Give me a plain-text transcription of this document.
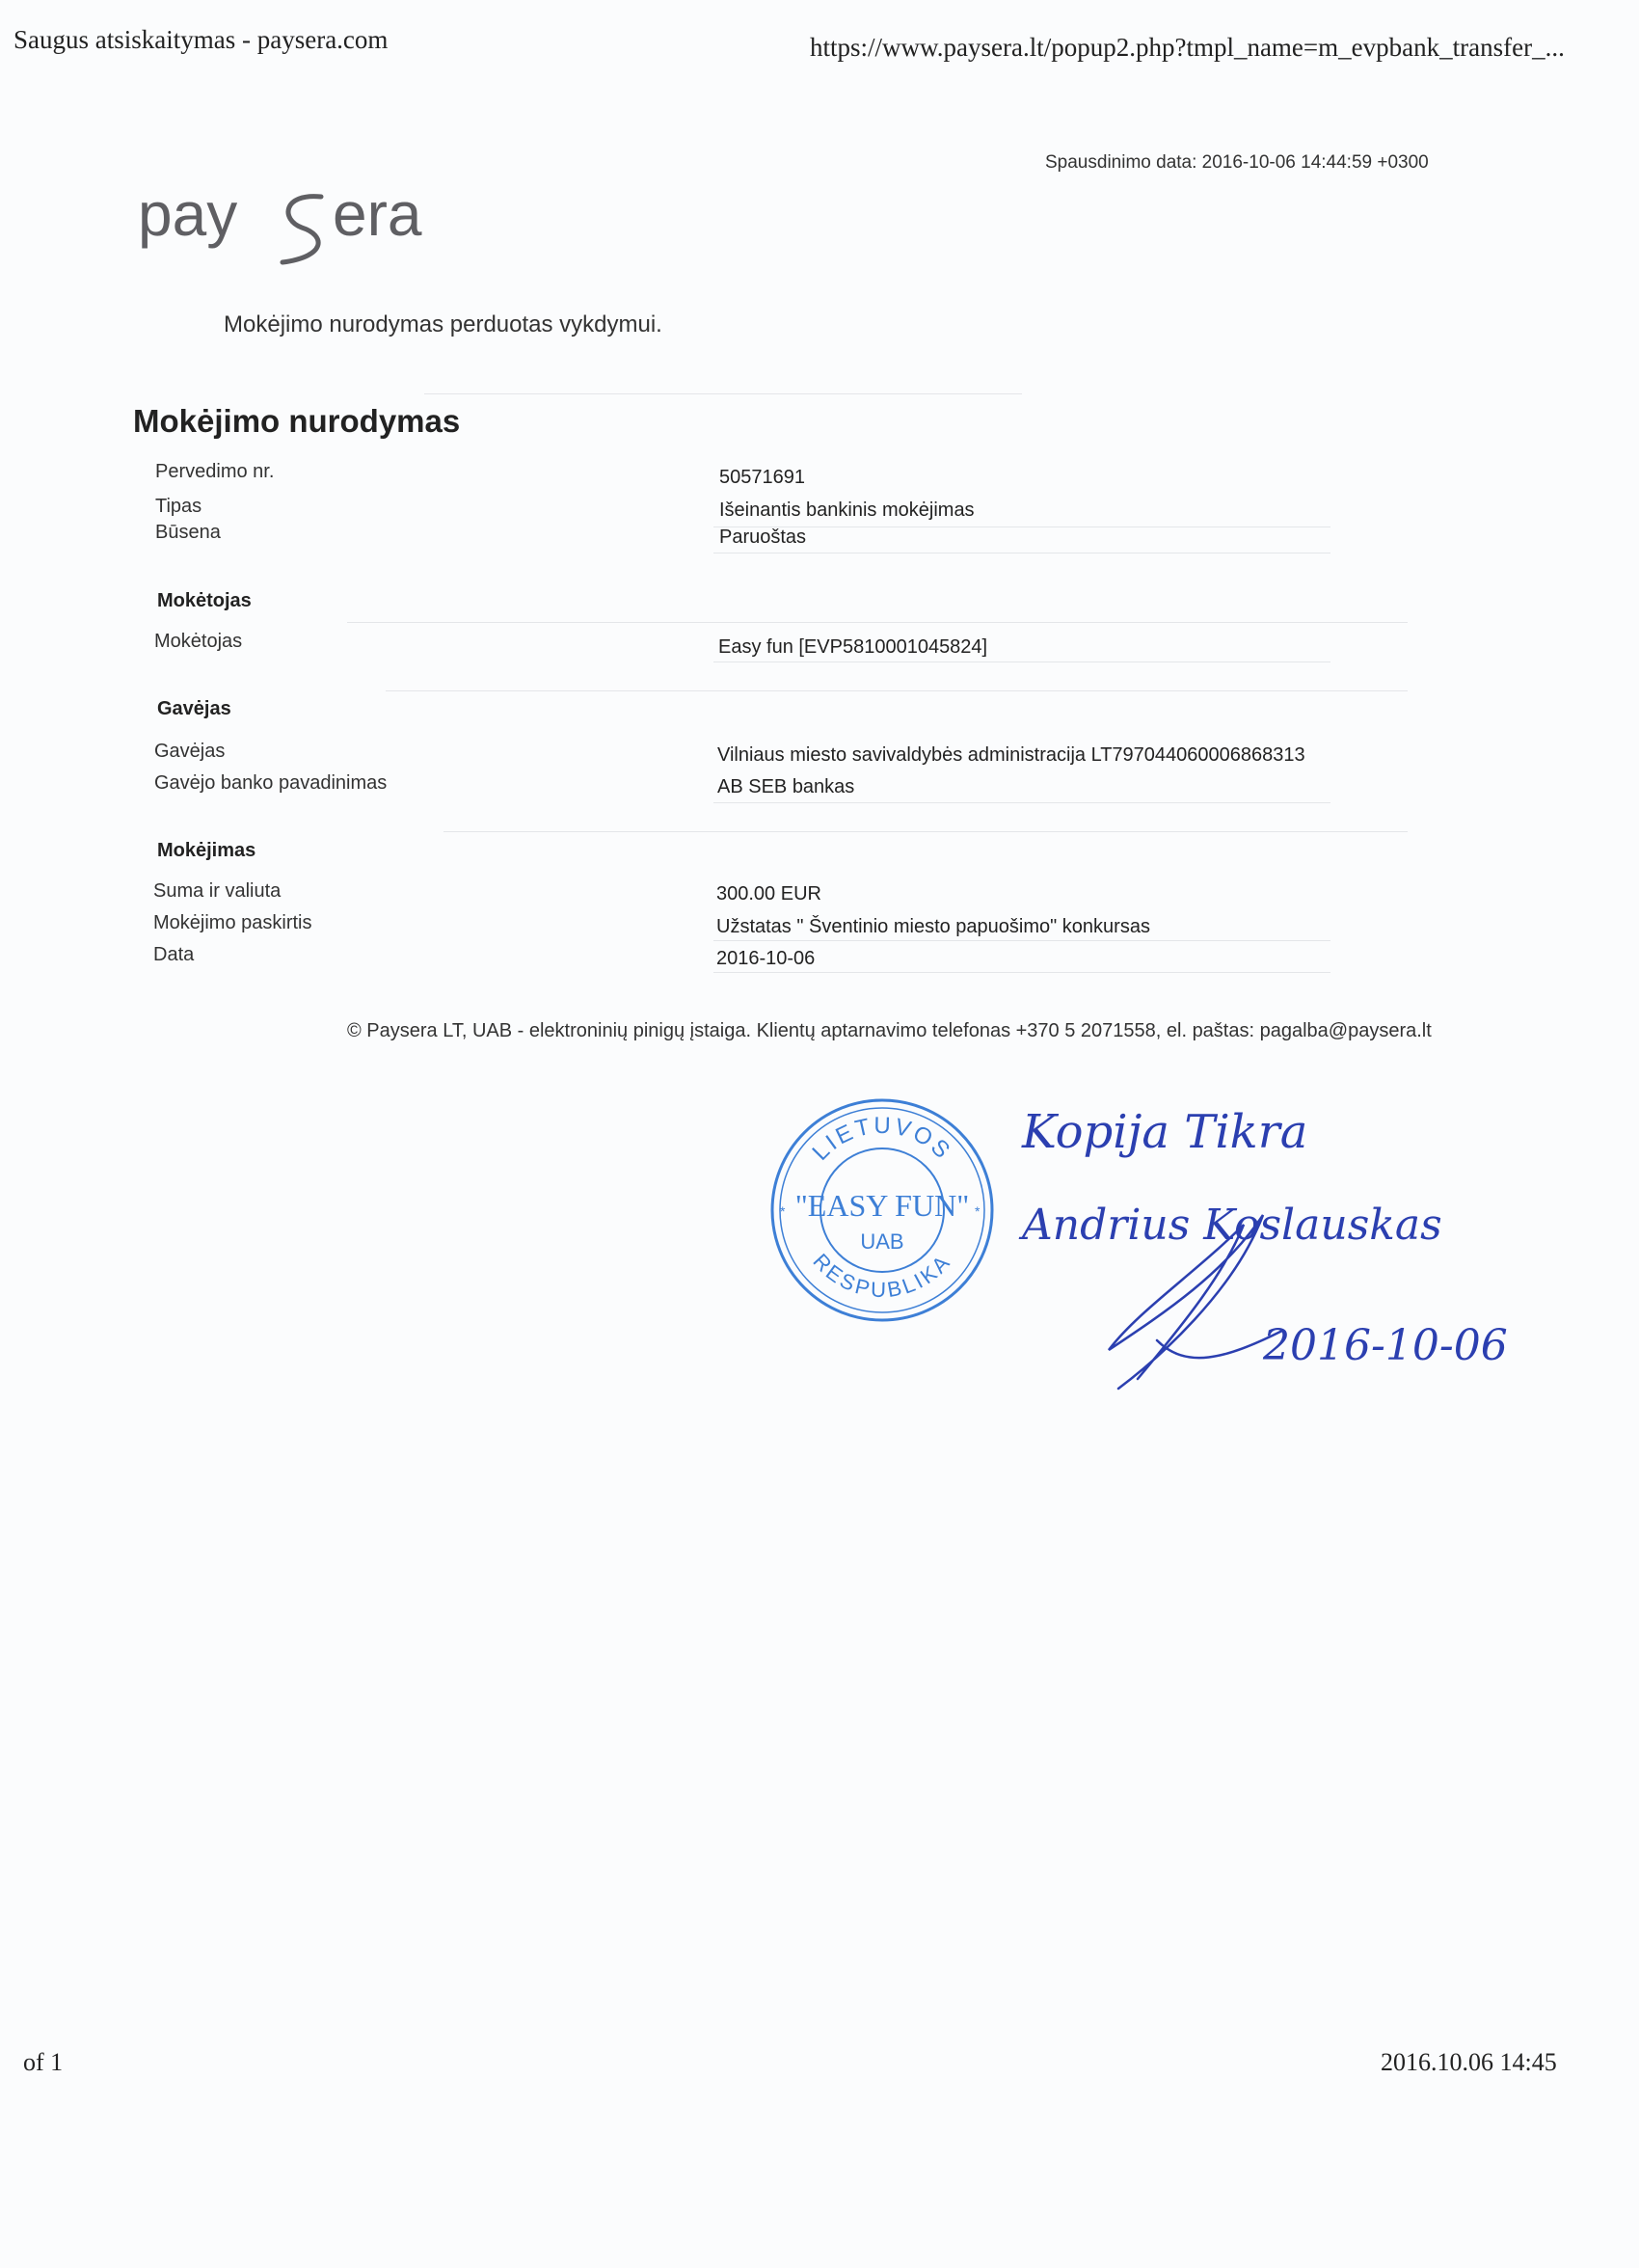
Saugus atsiskaitymas - paysera.com	https://www.paysera.lt/popup2.php?tmpl_name=m_evpbank_transfer_...
Spausdinimo data: 2016-10-06 14:44:59 +0300
pay era
Mokėjimo nurodymas perduotas vykdymui.
Mokėjimo nurodymas
Pervedimo nr.	50571691
Tipas	Išeinantis bankinis mokėjimas
Būsena	Paruoštas
Mokėtojas
Mokėtojas	Easy fun [EVP5810001045824]
Gavėjas
Gavėjas	Vilniaus miesto savivaldybės administracija LT797044060006868313
Gavėjo banko pavadinimas	AB SEB bankas
Mokėjimas
Suma ir valiuta	300.00 EUR
Mokėjimo paskirtis	Užstatas " Šventinio miesto papuošimo" konkursas
Data	2016-10-06
© Paysera LT, UAB - elektroninių pinigų įstaiga. Klientų aptarnavimo telefonas +370 5 2071558, el. paštas: pagalba@paysera.lt
LIETUVOS
RESPUBLIKA
"EASY FUN"
UAB
*	*
Kopija Tikra
Andrius Koslauskas
2016-10-06
of 1	2016.10.06 14:45
